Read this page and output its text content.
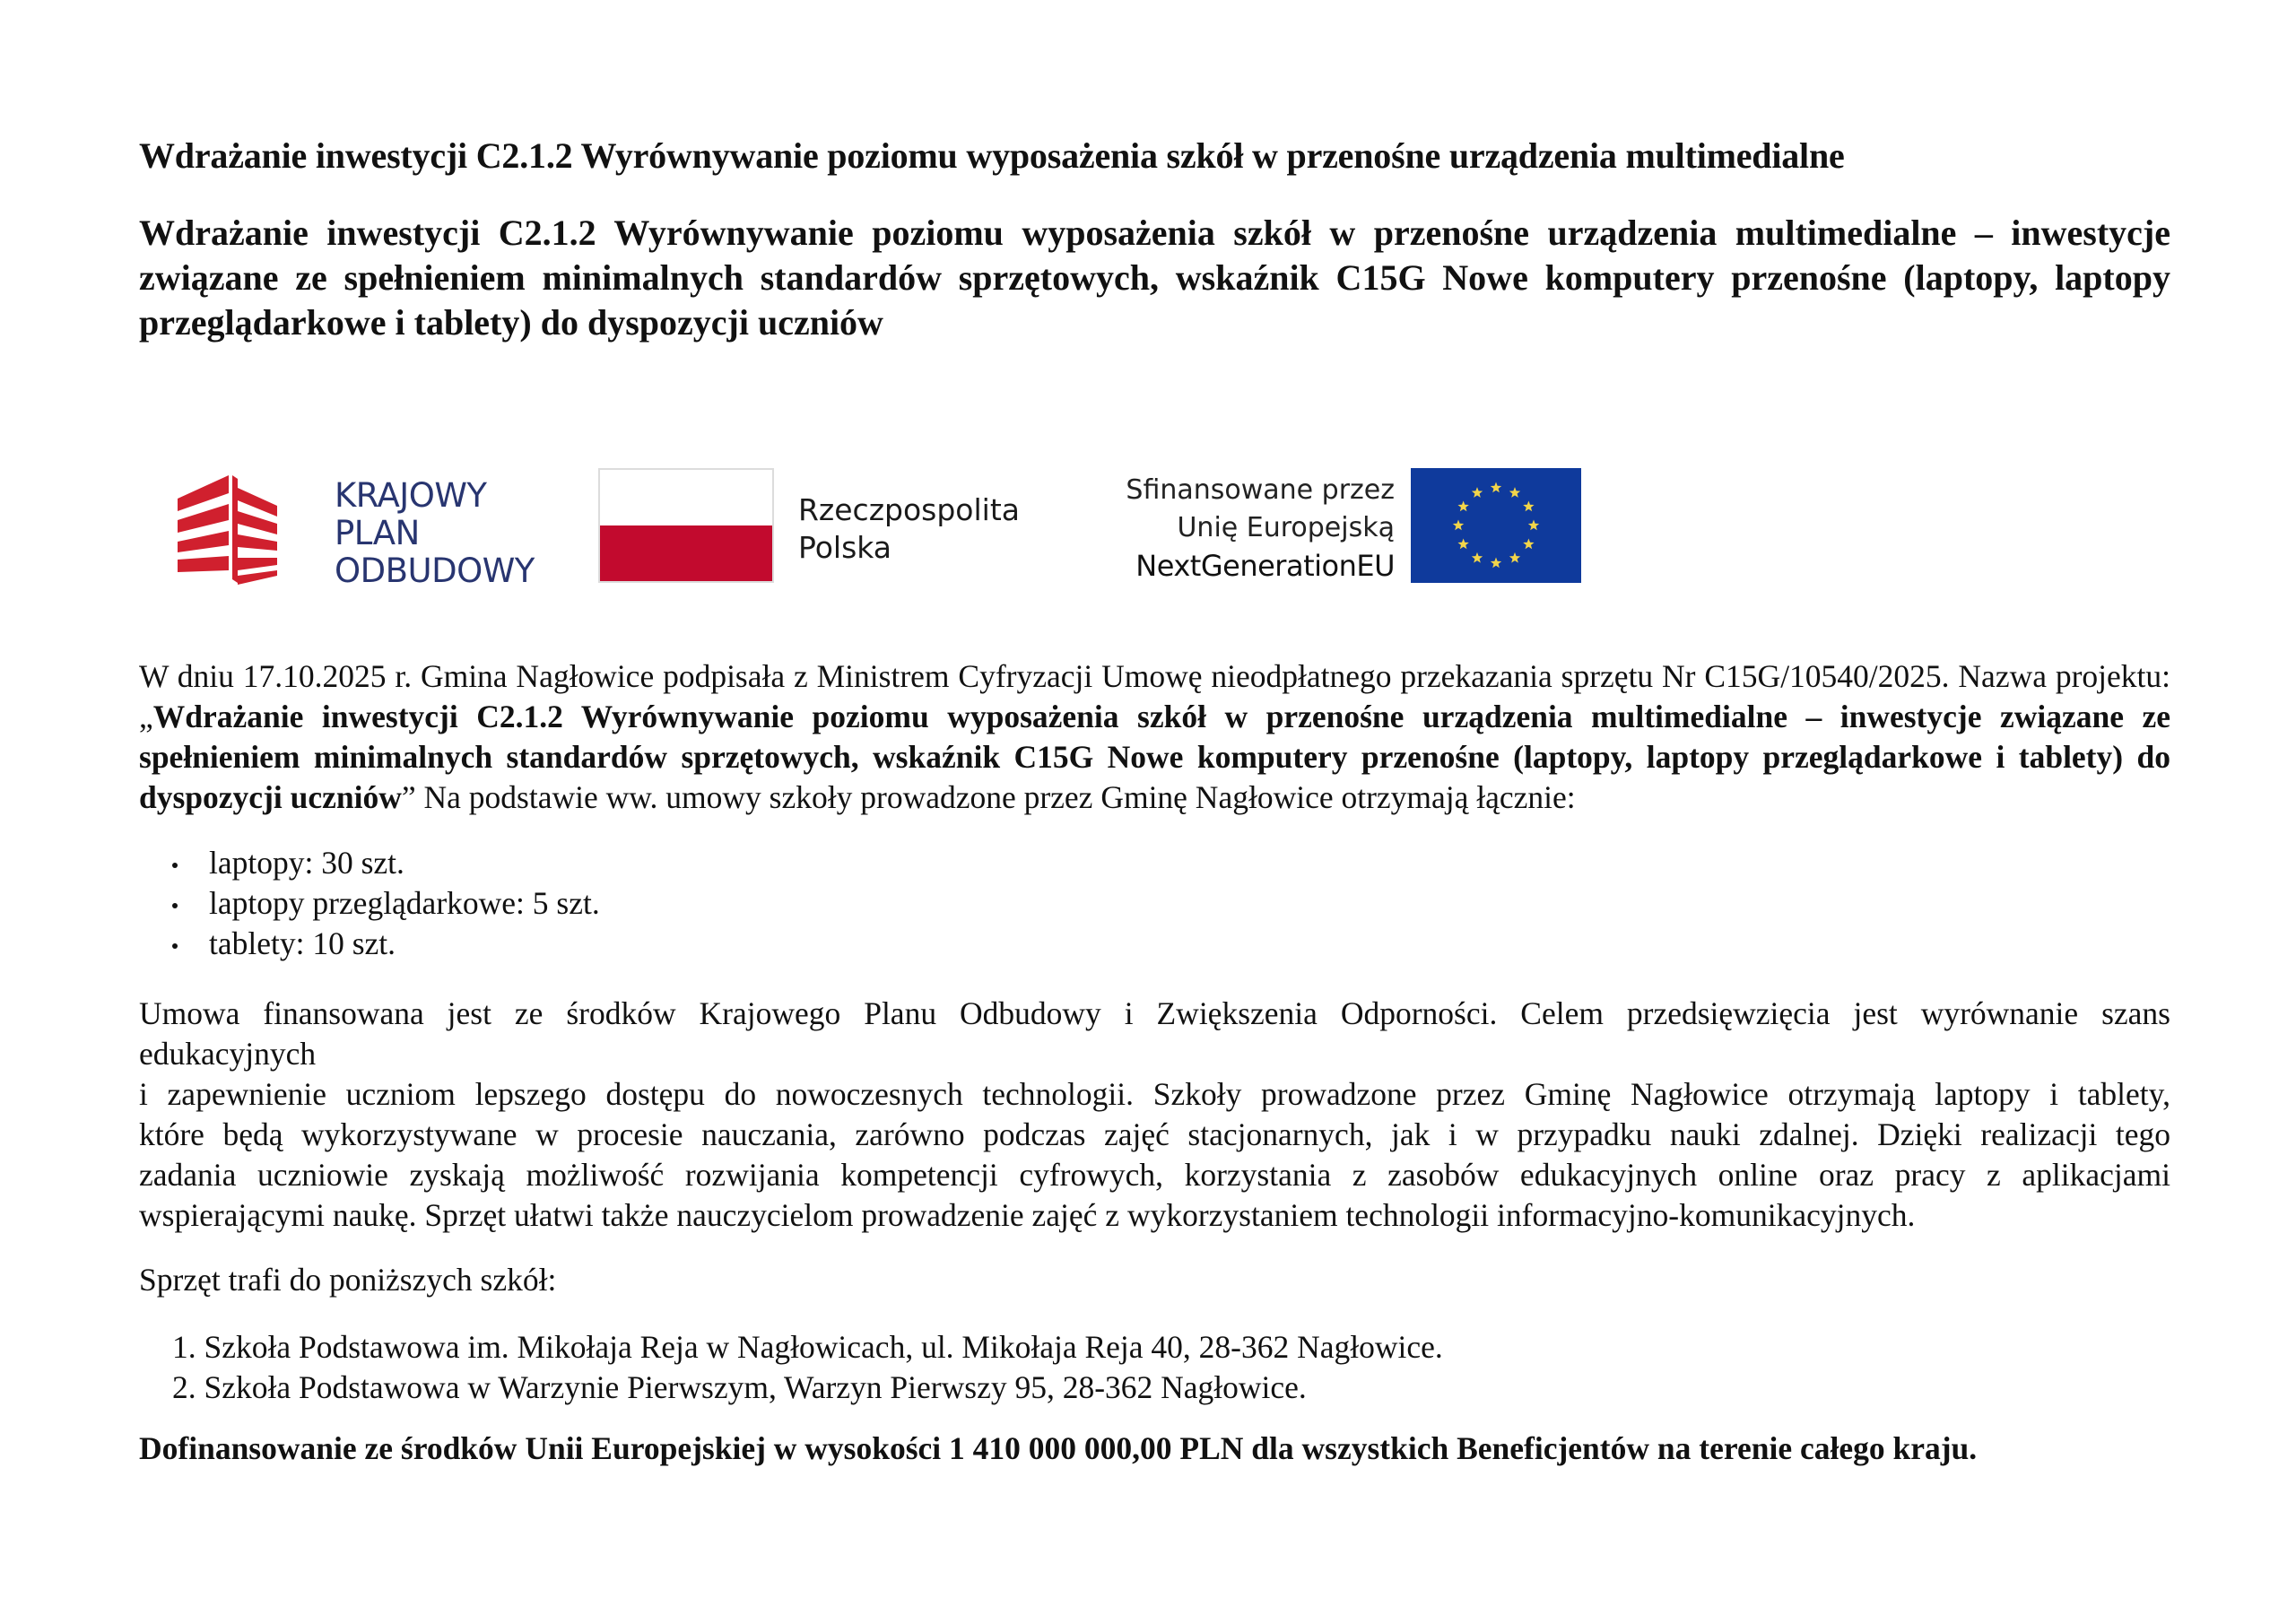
Wdrażanie inwestycji C2.1.2 Wyrównywanie poziomu wyposażenia szkół w przenośne urządzenia multimedialne
Wdrażanie inwestycji C2.1.2 Wyrównywanie poziomu wyposażenia szkół w przenośne urządzenia multimedialne – inwestycje związane ze spełnieniem minimalnych standardów sprzętowych, wskaźnik C15G Nowe komputery przenośne (laptopy, laptopy przeglądarkowe i tablety) do dyspozycji uczniów
KRAJOWY
PLAN
ODBUDOWY
Rzeczpospolita
Polska
Sfinansowane przez
Unię Europejską
NextGenerationEU

W dniu 17.10.2025 r. Gmina Nagłowice podpisała z Ministrem Cyfryzacji Umowę nieodpłatnego przekazania sprzętu Nr C15G/10540/2025. Nazwa projektu: „Wdrażanie inwestycji C2.1.2 Wyrównywanie poziomu wyposażenia szkół w przenośne urządzenia multimedialne – inwestycje związane ze spełnieniem minimalnych standardów sprzętowych, wskaźnik C15G Nowe komputery przenośne (laptopy, laptopy przeglądarkowe i tablety) do dyspozycji uczniów” Na podstawie ww. umowy szkoły prowadzone przez Gminę Nagłowice otrzymają łącznie:

laptopy: 30 szt.
laptopy przeglądarkowe: 5 szt.
tablety: 10 szt.

Umowa finansowana jest ze środków Krajowego Planu Odbudowy i Zwiększenia Odporności. Celem przedsięwzięcia jest wyrównanie szans
edukacyjnych
i zapewnienie uczniom lepszego dostępu do nowoczesnych technologii. Szkoły prowadzone przez Gminę Nagłowice otrzymają laptopy i tablety,
które będą wykorzystywane w procesie nauczania, zarówno podczas zajęć stacjonarnych, jak i w przypadku nauki zdalnej. Dzięki realizacji tego
zadania uczniowie zyskają możliwość rozwijania kompetencji cyfrowych, korzystania z zasobów edukacyjnych online oraz pracy z aplikacjami
wspierającymi naukę. Sprzęt ułatwi także nauczycielom prowadzenie zajęć z wykorzystaniem technologii informacyjno-komunikacyjnych.

Sprzęt trafi do poniższych szkół:

1. Szkoła Podstawowa im. Mikołaja Reja w Nagłowicach, ul. Mikołaja Reja 40, 28-362 Nagłowice.
2. Szkoła Podstawowa w Warzynie Pierwszym, Warzyn Pierwszy 95, 28-362 Nagłowice.

Dofinansowanie ze środków Unii Europejskiej w wysokości 1 410 000 000,00 PLN dla wszystkich Beneficjentów na terenie całego kraju.
